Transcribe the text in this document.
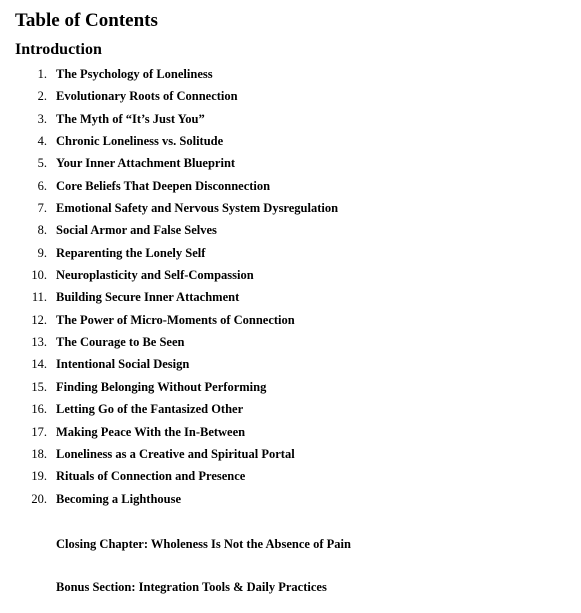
Table of Contents
Introduction
1. The Psychology of Loneliness
2. Evolutionary Roots of Connection
3. The Myth of “It’s Just You”
4. Chronic Loneliness vs. Solitude
5. Your Inner Attachment Blueprint
6. Core Beliefs That Deepen Disconnection
7. Emotional Safety and Nervous System Dysregulation
8. Social Armor and False Selves
9. Reparenting the Lonely Self
10. Neuroplasticity and Self-Compassion
11. Building Secure Inner Attachment
12. The Power of Micro-Moments of Connection
13. The Courage to Be Seen
14. Intentional Social Design
15. Finding Belonging Without Performing
16. Letting Go of the Fantasized Other
17. Making Peace With the In-Between
18. Loneliness as a Creative and Spiritual Portal
19. Rituals of Connection and Presence
20. Becoming a Lighthouse

Closing Chapter: Wholeness Is Not the Absence of Pain

Bonus Section: Integration Tools & Daily Practices
